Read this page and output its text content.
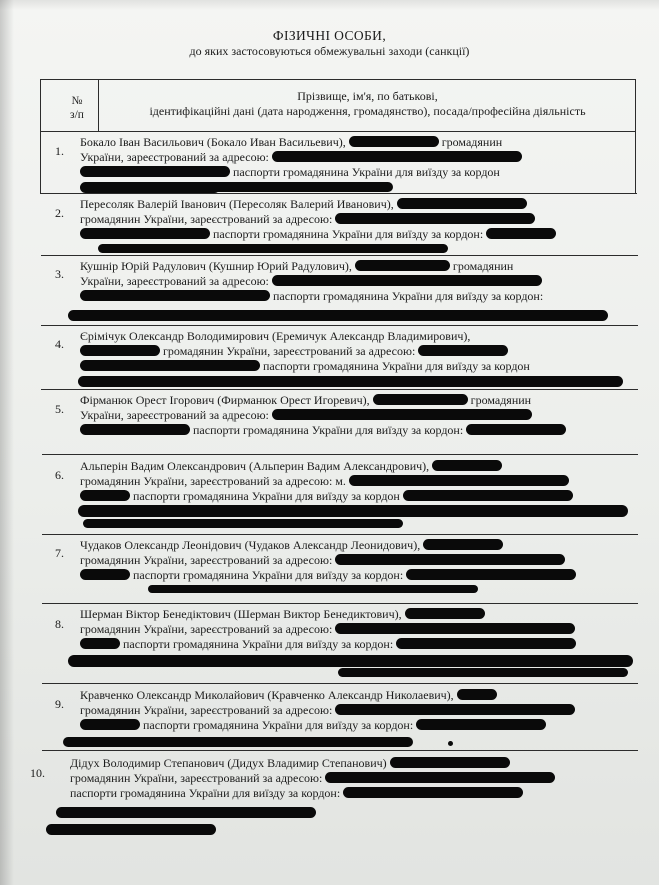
ФІЗИЧНІ ОСОБИ,
до яких застосовуються обмежувальні заходи (санкції)
№
з/п
Прізвище, ім'я, по батькові,
ідентифікаційні дані (дата народження, громадянство), посада/професійна діяльність
1.
Бокало Іван Васильович (Бокало Иван Васильевич),	громадянин
України, зареєстрований за адресою:
паспорти громадянина України для виїзду за кордон
2.
Пересоляк Валерій Іванович (Пересоляк Валерий Иванович),
громадянин України, зареєстрований за адресою:
паспорти громадянина України для виїзду за кордон:
3.
Кушнір Юрій Радулович (Кушнир Юрий Радулович),	громадянин
України, зареєстрований за адресою:
паспорти громадянина України для виїзду за кордон:
4.
Єрімічук Олександр Володимирович (Еремичук Александр Владимирович),
громадянин України, зареєстрований за адресою:
паспорти громадянина України для виїзду за кордон
5.
Фірманюк Орест Ігорович (Фирманюк Орест Игоревич),	громадянин
України, зареєстрований за адресою:
паспорти громадянина України для виїзду за кордон:
6.
Альперін Вадим Олександрович (Альперин Вадим Александрович),
громадянин України, зареєстрований за адресою: м.
паспорти громадянина України для виїзду за кордон
7.
Чудаков Олександр Леонідович (Чудаков Александр Леонидович),
громадянин України, зареєстрований за адресою:
паспорти громадянина України для виїзду за кордон:
8.
Шерман Віктор Бенедіктович (Шерман Виктор Бенедиктович),
громадянин України, зареєстрований за адресою:
паспорти громадянина України для виїзду за кордон:
9.
Кравченко Олександр Миколайович (Кравченко Александр Николаевич),
громадянин України, зареєстрований за адресою:
паспорти громадянина України для виїзду за кордон:
10.
Дідух Володимир Степанович (Дидух Владимир Степанович)
громадянин України, зареєстрований за адресою:
паспорти громадянина України для виїзду за кордон:
